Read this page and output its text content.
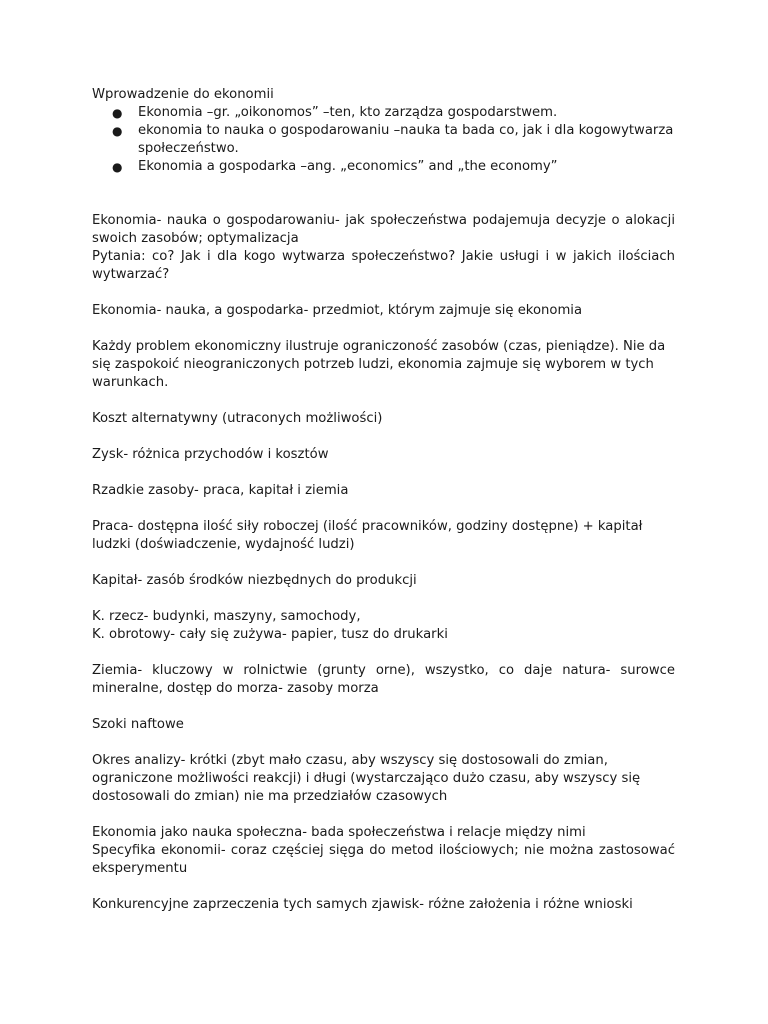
Wprowadzenie do ekonomii

● Ekonomia –gr. „oikonomos” –ten, kto zarządza gospodarstwem.
● ekonomia to nauka o gospodarowaniu –nauka ta bada co, jak i dla kogowytwarza społeczeństwo.
● Ekonomia a gospodarka –ang. „economics” and „the economy”

Ekonomia- nauka o gospodarowaniu- jak społeczeństwa podajemuja decyzje o alokacji swoich zasobów; optymalizacja

Pytania: co? Jak i dla kogo wytwarza społeczeństwo? Jakie usługi i w jakich ilościach wytwarzać?

Ekonomia- nauka, a gospodarka- przedmiot, którym zajmuje się ekonomia

Każdy problem ekonomiczny ilustruje ograniczoność zasobów (czas, pieniądze). Nie da się zaspokoić nieograniczonych potrzeb ludzi, ekonomia zajmuje się wyborem w tych warunkach.

Koszt alternatywny (utraconych możliwości)

Zysk- różnica przychodów i kosztów

Rzadkie zasoby- praca, kapitał i ziemia

Praca- dostępna ilość siły roboczej (ilość pracowników, godziny dostępne) + kapitał ludzki (doświadczenie, wydajność ludzi)

Kapitał- zasób środków niezbędnych do produkcji

K. rzecz- budynki, maszyny, samochody,

K. obrotowy- cały się zużywa- papier, tusz do drukarki

Ziemia- kluczowy w rolnictwie (grunty orne), wszystko, co daje natura- surowce mineralne, dostęp do morza- zasoby morza

Szoki naftowe

Okres analizy- krótki (zbyt mało czasu, aby wszyscy się dostosowali do zmian, ograniczone możliwości reakcji) i długi (wystarczająco dużo czasu, aby wszyscy się dostosowali do zmian) nie ma przedziałów czasowych

Ekonomia jako nauka społeczna- bada społeczeństwa i relacje między nimi

Specyfika ekonomii- coraz częściej sięga do metod ilościowych; nie można zastosować eksperymentu

Konkurencyjne zaprzeczenia tych samych zjawisk- różne założenia i różne wnioski
